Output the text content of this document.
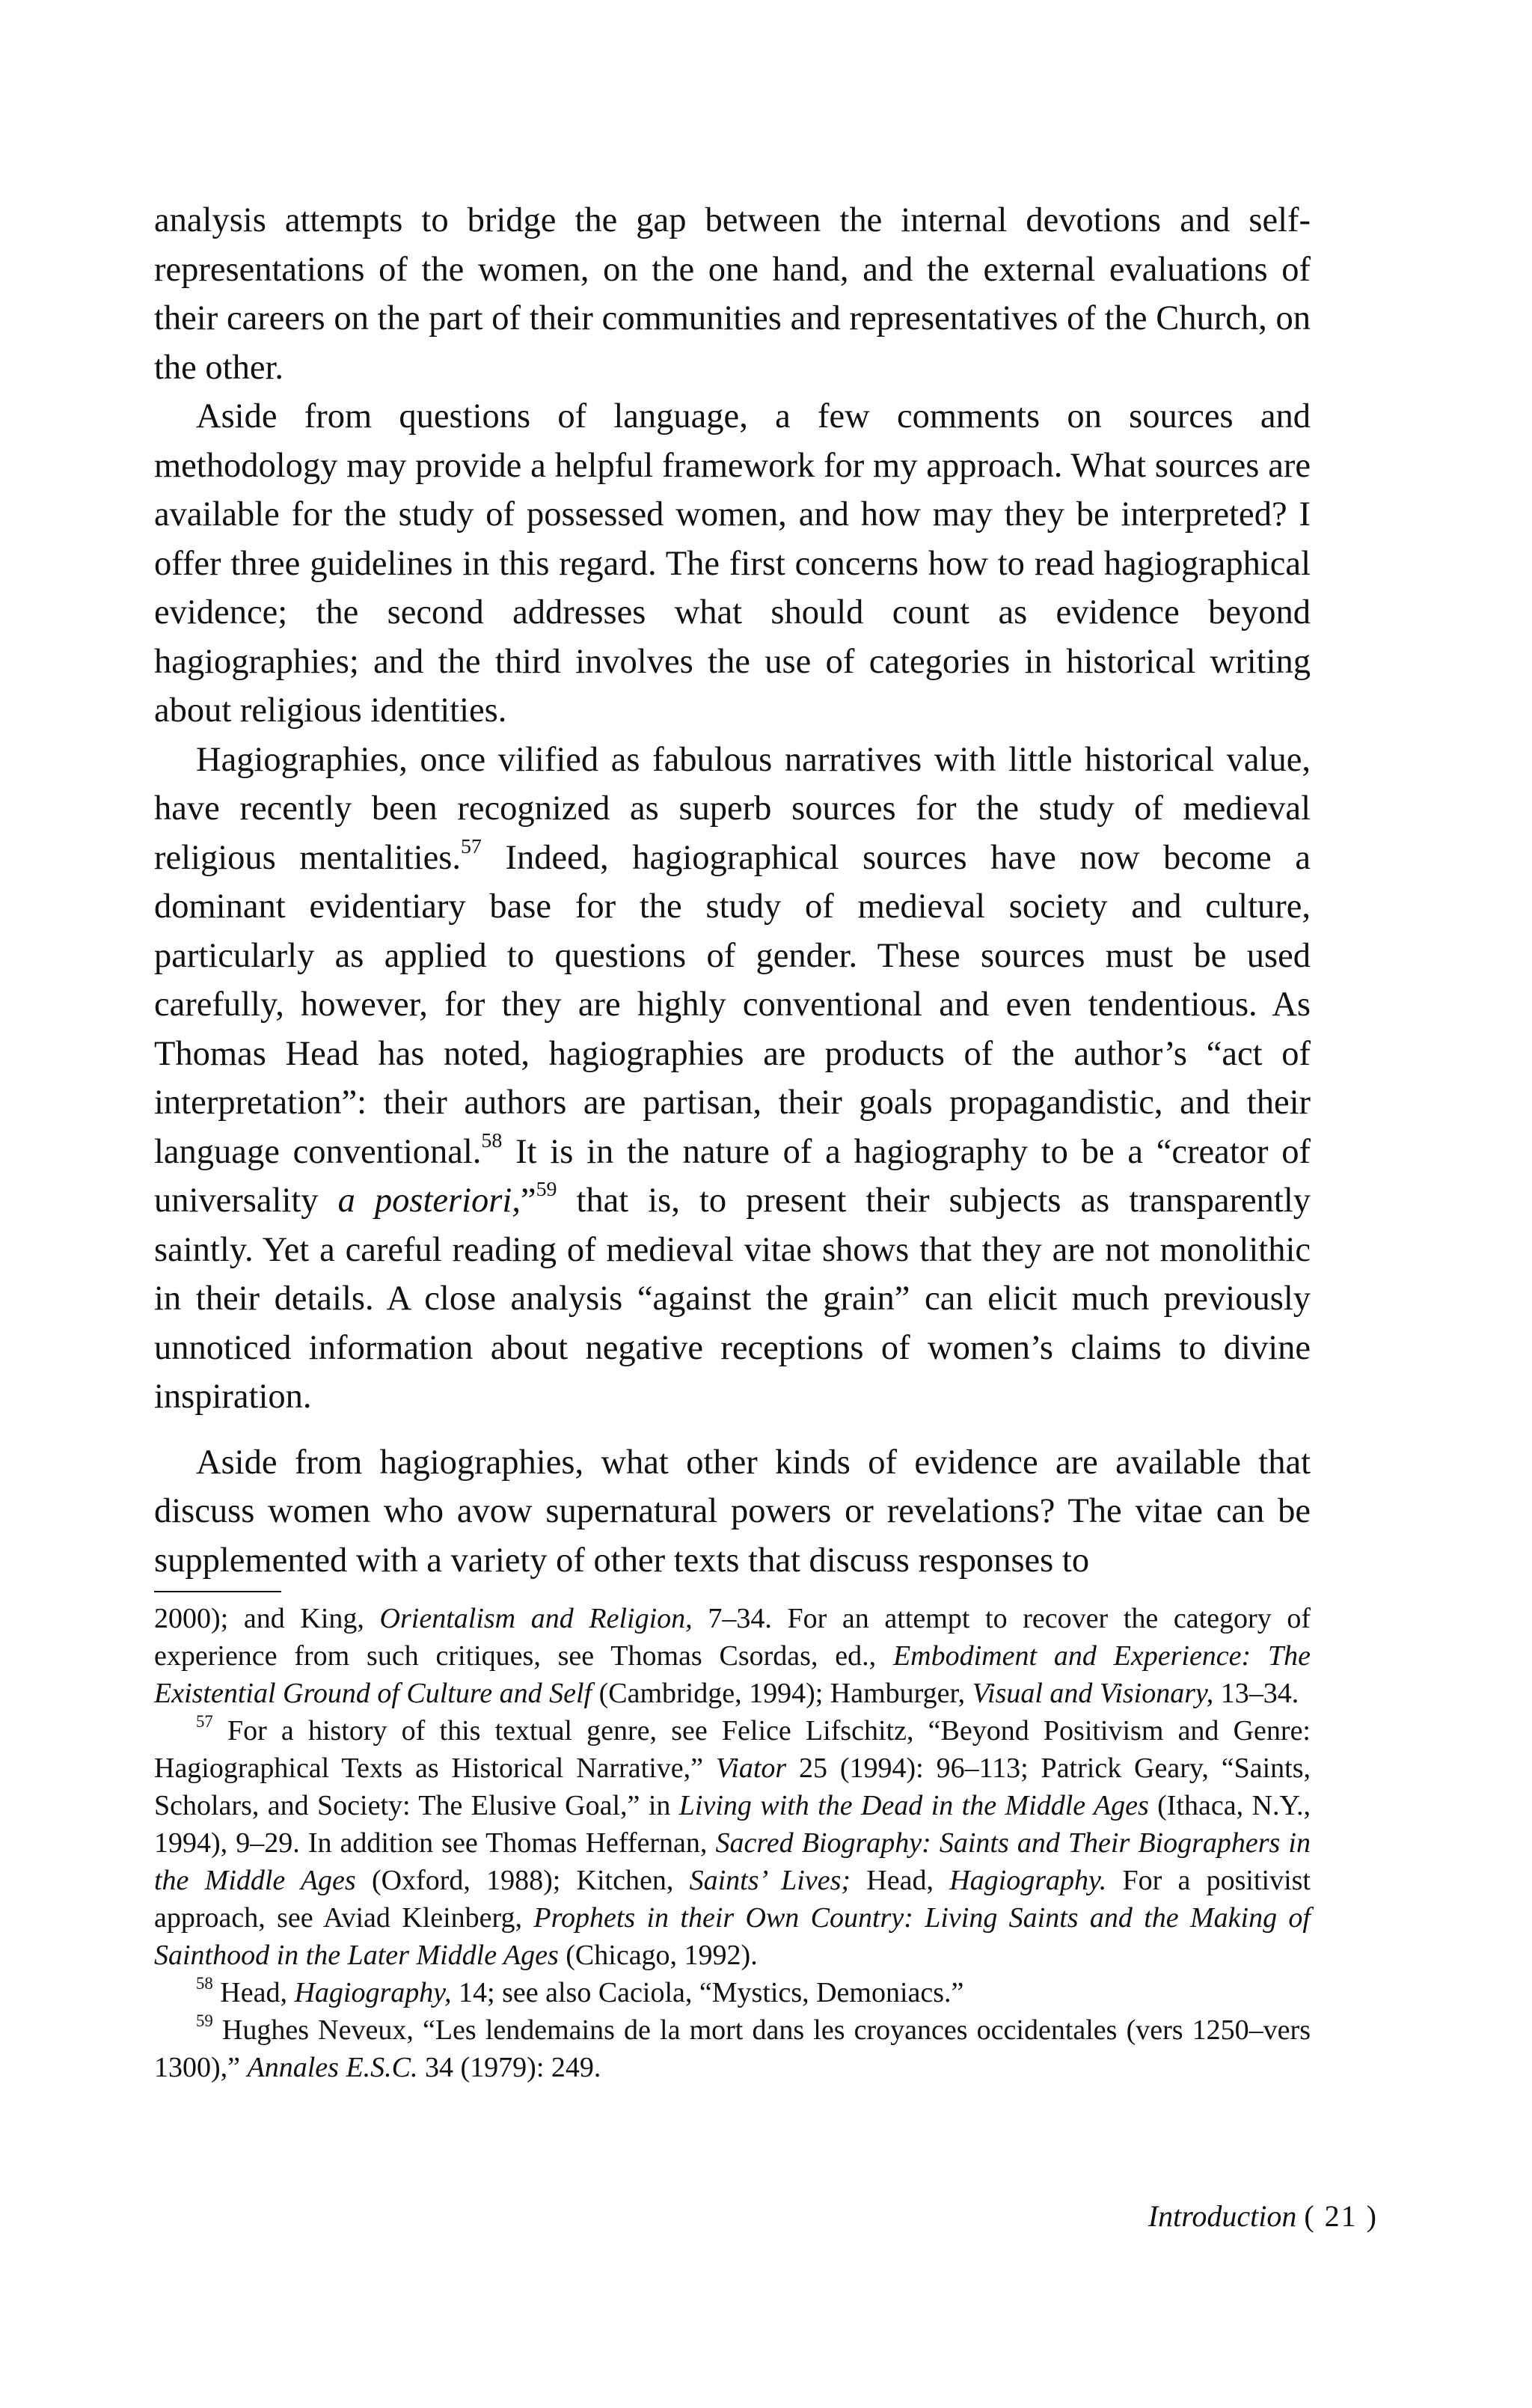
analysis attempts to bridge the gap between the internal devotions and self-representations of the women, on the one hand, and the external evaluations of their careers on the part of their communities and representatives of the Church, on the other.

Aside from questions of language, a few comments on sources and methodology may provide a helpful framework for my approach. What sources are available for the study of possessed women, and how may they be interpreted? I offer three guidelines in this regard. The first concerns how to read hagiographical evidence; the second addresses what should count as evidence beyond hagiographies; and the third involves the use of categories in historical writing about religious identities.

Hagiographies, once vilified as fabulous narratives with little historical value, have recently been recognized as superb sources for the study of medieval religious mentalities.$^{57}$ Indeed, hagiographical sources have now become a dominant evidentiary base for the study of medieval society and culture, particularly as applied to questions of gender. These sources must be used carefully, however, for they are highly conventional and even tendentious. As Thomas Head has noted, hagiographies are products of the author’s “act of interpretation”: their authors are partisan, their goals propagandistic, and their language conventional.$^{58}$ It is in the nature of a hagiography to be a “creator of universality a posteriori,”$^{59}$ that is, to present their subjects as transparently saintly. Yet a careful reading of medieval vitae shows that they are not monolithic in their details. A close analysis “against the grain” can elicit much previously unnoticed information about negative receptions of women’s claims to divine inspiration.

Aside from hagiographies, what other kinds of evidence are available that discuss women who avow supernatural powers or revelations? The vitae can be supplemented with a variety of other texts that discuss responses to

2000); and King, Orientalism and Religion, 7–34. For an attempt to recover the category of experience from such critiques, see Thomas Csordas, ed., Embodiment and Experience: The Existential Ground of Culture and Self (Cambridge, 1994); Hamburger, Visual and Visionary, 13–34.

$^{57}$ For a history of this textual genre, see Felice Lifschitz, “Beyond Positivism and Genre: Hagiographical Texts as Historical Narrative,” Viator 25 (1994): 96–113; Patrick Geary, “Saints, Scholars, and Society: The Elusive Goal,” in Living with the Dead in the Middle Ages (Ithaca, N.Y., 1994), 9–29. In addition see Thomas Heffernan, Sacred Biography: Saints and Their Biographers in the Middle Ages (Oxford, 1988); Kitchen, Saints’ Lives; Head, Hagiography. For a positivist approach, see Aviad Kleinberg, Prophets in their Own Country: Living Saints and the Making of Sainthood in the Later Middle Ages (Chicago, 1992).

$^{58}$ Head, Hagiography, 14; see also Caciola, “Mystics, Demoniacs.”

$^{59}$ Hughes Neveux, “Les lendemains de la mort dans les croyances occidentales (vers 1250–vers 1300),” Annales E.S.C. 34 (1979): 249.

Introduction ( 21 )
